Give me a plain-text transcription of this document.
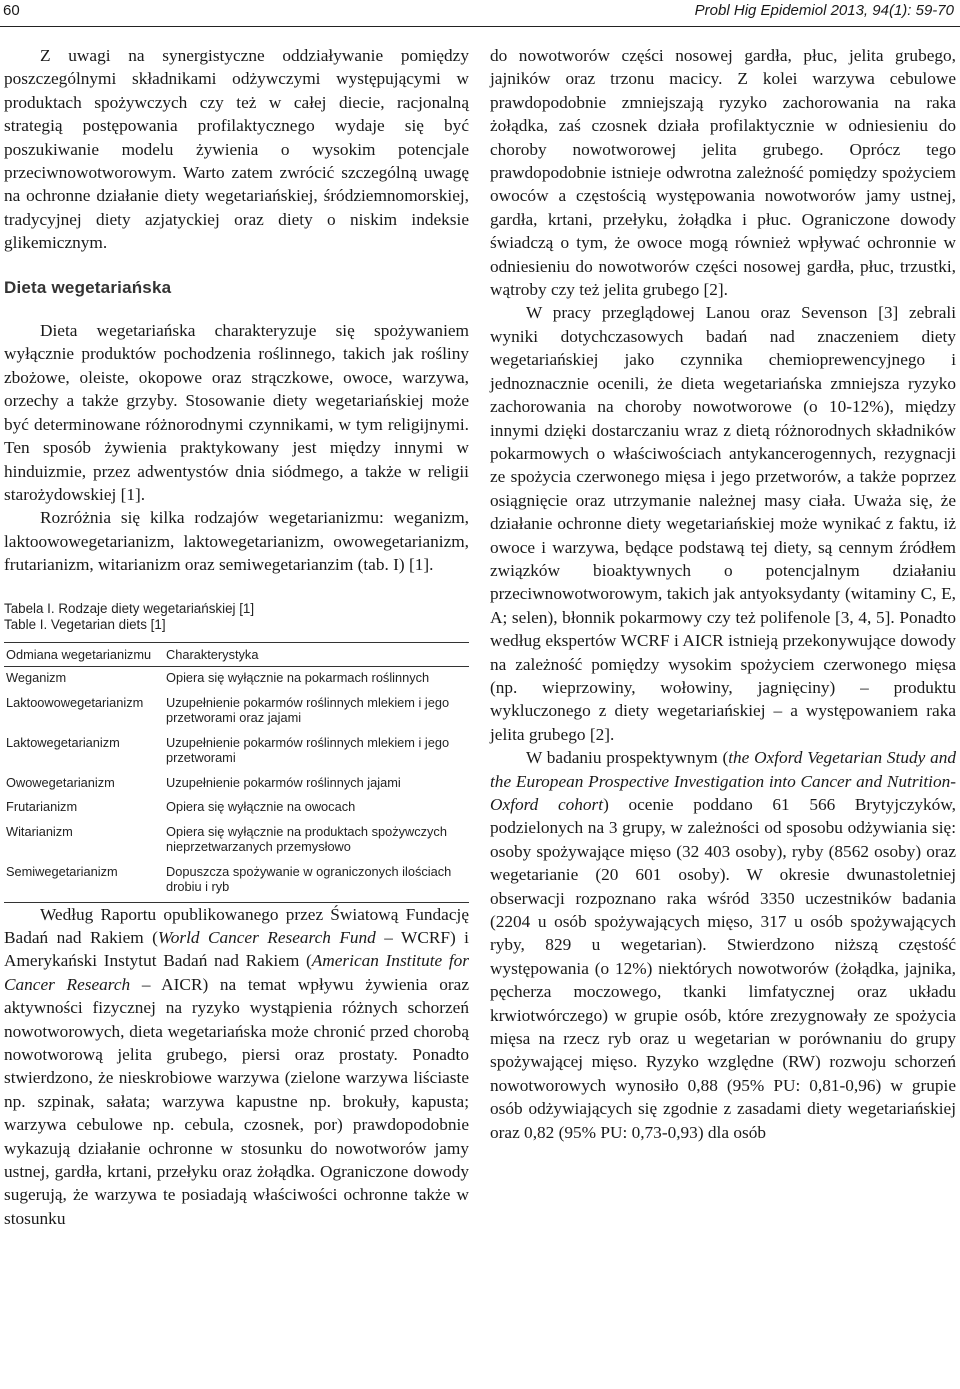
60	Probl Hig Epidemiol 2013, 94(1): 59-70

Z uwagi na synergistyczne oddziaływanie pomiędzy poszczególnymi składnikami odżywczymi występującymi w produktach spożywczych czy też w całej diecie, racjonalną strategią postępowania profilaktycznego wydaje się być poszukiwanie modelu żywienia o wysokim potencjale przeciwnowotworowym. Warto zatem zwrócić szczególną uwagę na ochronne działanie diety wegetariańskiej, śródziemnomorskiej, tradycyjnej diety azjatyckiej oraz diety o niskim indeksie glikemicznym.

Dieta wegetariańska

Dieta wegetariańska charakteryzuje się spożywaniem wyłącznie produktów pochodzenia roślinnego, takich jak rośliny zbożowe, oleiste, okopowe oraz strączkowe, owoce, warzywa, orzechy a także grzyby. Stosowanie diety wegetariańskiej może być determinowane różnorodnymi czynnikami, w tym religijnymi. Ten sposób żywienia praktykowany jest między innymi w hinduizmie, przez adwentystów dnia siódmego, a także w religii starożydowskiej [1].

Rozróżnia się kilka rodzajów wegetarianizmu: weganizm, laktoowowegetarianizm, laktowegetarianizm, owowegetarianizm, frutarianizm, witarianizm oraz semiwegetarianzim (tab. I) [1].

Tabela I. Rodzaje diety wegetariańskiej [1]
Table I. Vegetarian diets [1]
Odmiana wegetarianizmu	Charakterystyka
Weganizm	Opiera się wyłącznie na pokarmach roślinnych
Laktoowowegetarianizm	Uzupełnienie pokarmów roślinnych mlekiem i jego przetworami oraz jajami
Laktowegetarianizm	Uzupełnienie pokarmów roślinnych mlekiem i jego przetworami
Owowegetarianizm	Uzupełnienie pokarmów roślinnych jajami
Frutarianizm	Opiera się wyłącznie na owocach
Witarianizm	Opiera się wyłącznie na produktach spożywczych nieprzetwarzanych przemysłowo
Semiwegetarianizm	Dopuszcza spożywanie w ograniczonych ilościach drobiu i ryb

Według Raportu opublikowanego przez Światową Fundację Badań nad Rakiem (World Cancer Research Fund – WCRF) i Amerykański Instytut Badań nad Rakiem (American Institute for Cancer Research – AICR) na temat wpływu żywienia oraz aktywności fizycznej na ryzyko wystąpienia różnych schorzeń nowotworowych, dieta wegetariańska może chronić przed chorobą nowotworową jelita grubego, piersi oraz prostaty. Ponadto stwierdzono, że nieskrobiowe warzywa (zielone warzywa liściaste np. szpinak, sałata; warzywa kapustne np. brokuły, kapusta; warzywa cebulowe np. cebula, czosnek, por) prawdopodobnie wykazują działanie ochronne w stosunku do nowotworów jamy ustnej, gardła, krtani, przełyku oraz żołądka. Ograniczone dowody sugerują, że warzywa te posiadają właściwości ochronne także w stosunku

do nowotworów części nosowej gardła, płuc, jelita grubego, jajników oraz trzonu macicy. Z kolei warzywa cebulowe prawdopodobnie zmniejszają ryzyko zachorowania na raka żołądka, zaś czosnek działa profilaktycznie w odniesieniu do choroby nowotworowej jelita grubego. Oprócz tego prawdopodobnie istnieje odwrotna zależność pomiędzy spożyciem owoców a częstością występowania nowotworów jamy ustnej, gardła, krtani, przełyku, żołądka i płuc. Ograniczone dowody świadczą o tym, że owoce mogą również wpływać ochronnie w odniesieniu do nowotworów części nosowej gardła, płuc, trzustki, wątroby czy też jelita grubego [2].

W pracy przeglądowej Lanou oraz Sevenson [3] zebrali wyniki dotychczasowych badań nad znaczeniem diety wegetariańskiej jako czynnika chemioprewencyjnego i jednoznacznie ocenili, że dieta wegetariańska zmniejsza ryzyko zachorowania na choroby nowotworowe (o 10-12%), między innymi dzięki dostarczaniu wraz z dietą różnorodnych składników pokarmowych o właściwościach antykancerogennych, rezygnacji ze spożycia czerwonego mięsa i jego przetworów, a także poprzez osiągnięcie oraz utrzymanie należnej masy ciała. Uważa się, że działanie ochronne diety wegetariańskiej może wynikać z faktu, iż owoce i warzywa, będące podstawą tej diety, są cennym źródłem związków bioaktywnych o potencjalnym działaniu przeciwnowotworowym, takich jak antyoksydanty (witaminy C, E, A; selen), błonnik pokarmowy czy też polifenole [3, 4, 5]. Ponadto według ekspertów WCRF i AICR istnieją przekonywujące dowody na zależność pomiędzy wysokim spożyciem czerwonego mięsa (np. wieprzowiny, wołowiny, jagnięciny) – produktu wykluczonego z diety wegetariańskiej – a występowaniem raka jelita grubego [2].

W badaniu prospektywnym (the Oxford Vegetarian Study and the European Prospective Investigation into Cancer and Nutrition-Oxford cohort) ocenie poddano 61 566 Brytyjczyków, podzielonych na 3 grupy, w zależności od sposobu odżywiania się: osoby spożywające mięso (32 403 osoby), ryby (8562 osoby) oraz wegetarianie (20 601 osoby). W okresie dwunastoletniej obserwacji rozpoznano raka wśród 3350 uczestników badania (2204 u osób spożywających mięso, 317 u osób spożywających ryby, 829 u wegetarian). Stwierdzono niższą częstość występowania (o 12%) niektórych nowotworów (żołądka, jajnika, pęcherza moczowego, tkanki limfatycznej oraz układu krwiotwórczego) w grupie osób, które zrezygnowały ze spożycia mięsa na rzecz ryb oraz u wegetarian w porównaniu do grupy spożywającej mięso. Ryzyko względne (RW) rozwoju schorzeń nowotworowych wynosiło 0,88 (95% PU: 0,81-0,96) w grupie osób odżywiających się zgodnie z zasadami diety wegetariańskiej oraz 0,82 (95% PU: 0,73-0,93) dla osób
